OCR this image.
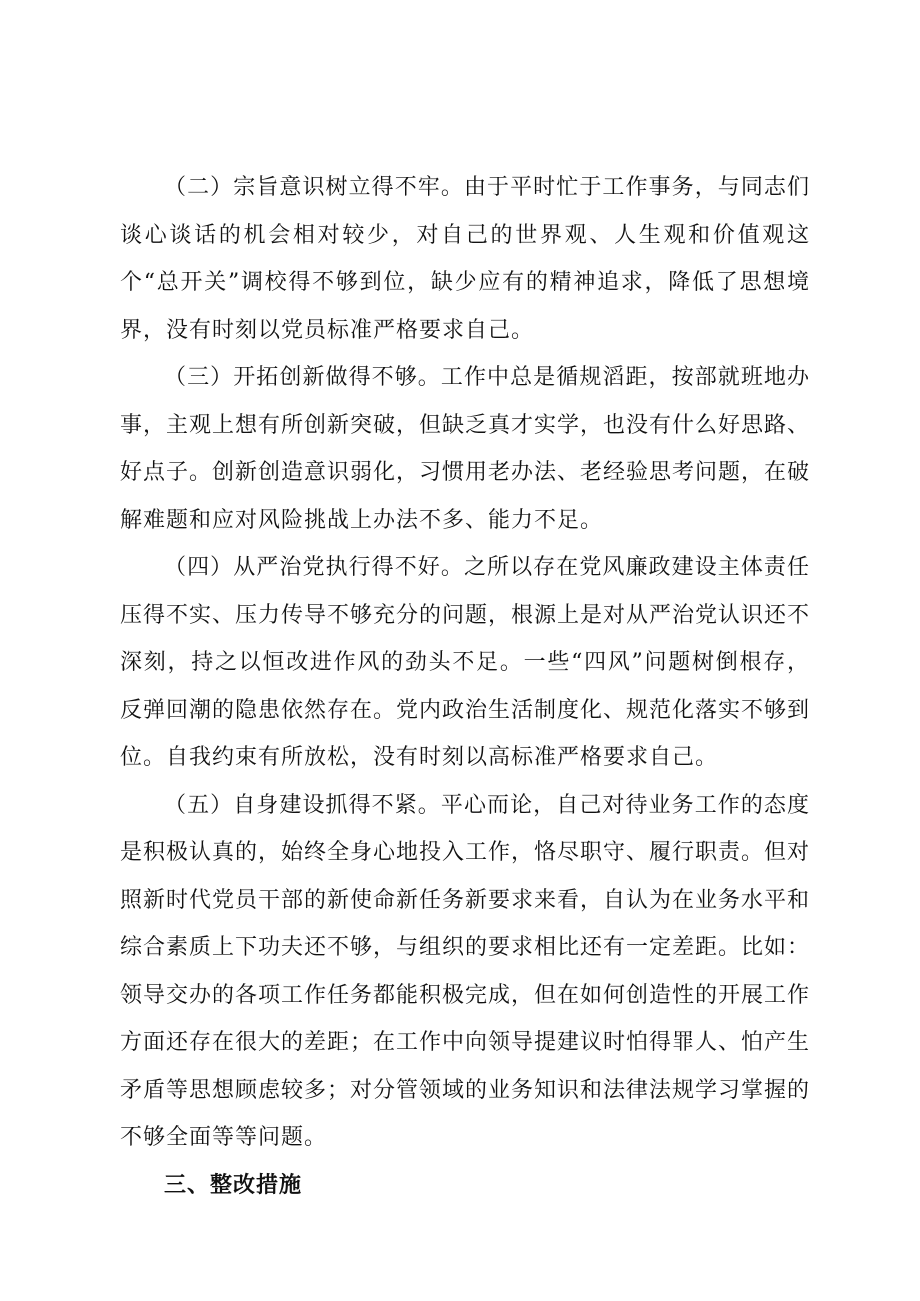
（二）宗旨意识树立得不牢。由于平时忙于工作事务，与同志们谈心谈话的机会相对较少，对自己的世界观、人生观和价值观这个“总开关”调校得不够到位，缺少应有的精神追求，降低了思想境界，没有时刻以党员标准严格要求自己。

（三）开拓创新做得不够。工作中总是循规滔距，按部就班地办事，主观上想有所创新突破，但缺乏真才实学，也没有什么好思路、好点子。创新创造意识弱化，习惯用老办法、老经验思考问题，在破解难题和应对风险挑战上办法不多、能力不足。

（四）从严治党执行得不好。之所以存在党风廉政建设主体责任压得不实、压力传导不够充分的问题，根源上是对从严治党认识还不深刻，持之以恒改进作风的劲头不足。一些“四风”问题树倒根存，反弹回潮的隐患依然存在。党内政治生活制度化、规范化落实不够到位。自我约束有所放松，没有时刻以高标准严格要求自己。

（五）自身建设抓得不紧。平心而论，自己对待业务工作的态度是积极认真的，始终全身心地投入工作，恪尽职守、履行职责。但对照新时代党员干部的新使命新任务新要求来看，自认为在业务水平和综合素质上下功夫还不够，与组织的要求相比还有一定差距。比如：领导交办的各项工作任务都能积极完成，但在如何创造性的开展工作方面还存在很大的差距；在工作中向领导提建议时怕得罪人、怕产生矛盾等思想顾虑较多；对分管领域的业务知识和法律法规学习掌握的不够全面等等问题。

三、整改措施
